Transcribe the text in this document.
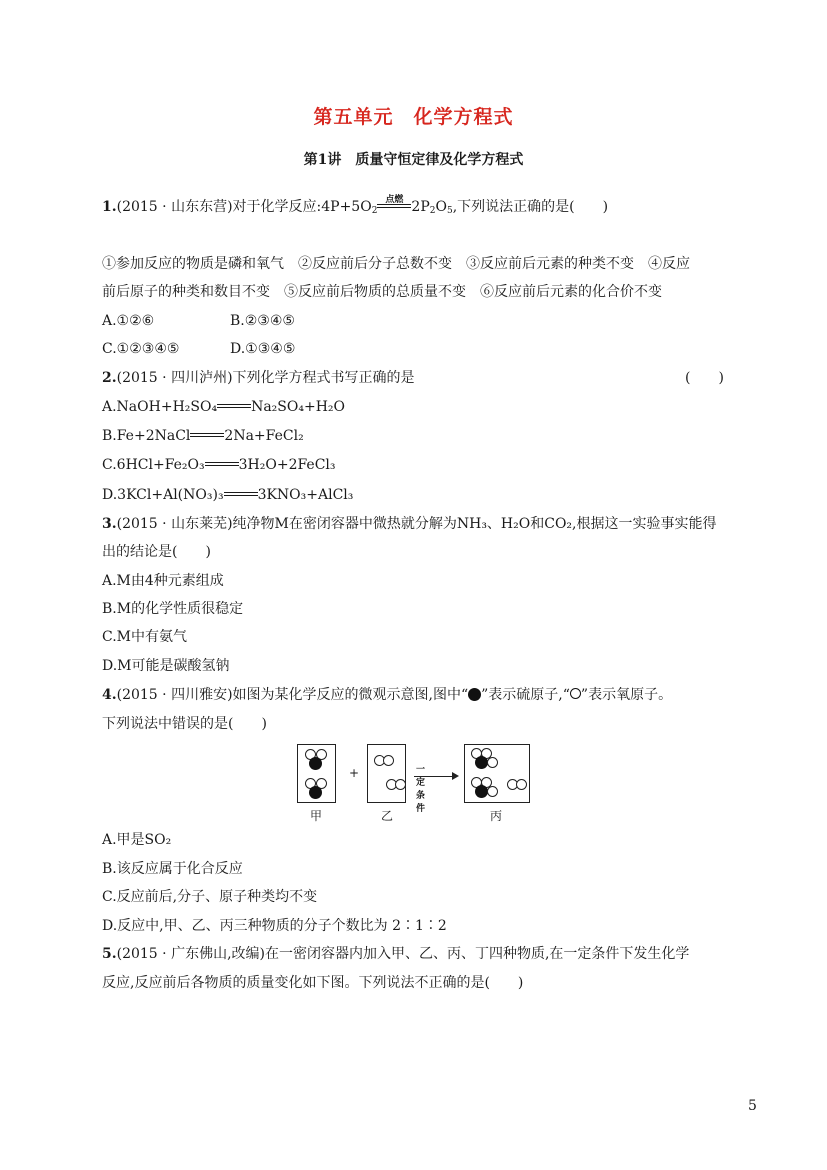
第五单元　化学方程式
第1讲　质量守恒定律及化学方程式
1.(2015 · 山东东营)对于化学反应$:4P+5O_2$
点燃 $2P_2O_5$,下列说法正确的是(　　)
①参加反应的物质是磷和氧气　②反应前后分子总数不变　③反应前后元素的种类不变　④反应
前后原子的种类和数目不变　⑤反应前后物质的总质量不变　⑥反应前后元素的化合价不变
A.①②⑥	B.②③④⑤
C.①②③④⑤	D.①③④⑤
2.(2015 · 四川泸州)下列化学方程式书写正确的是	(　　)
A.NaOH+H₂SO₄ Na₂SO₄+H₂O
B.Fe+2NaCl 2Na+FeCl₂
C.6HCl+Fe₂O₃ 3H₂O+2FeCl₃
D.3KCl+Al(NO₃)₃ 3KNO₃+AlCl₃
3.(2015 · 山东莱芜)纯净物M在密闭容器中微热就分解为NH₃、H₂O和CO₂,根据这一实验事实能得
出的结论是(　　)
A.M由4种元素组成
B.M的化学性质很稳定
C.M中有氨气
D.M可能是碳酸氢钠
4.(2015 · 四川雅安)如图为某化学反应的微观示意图,图中“ ”表示硫原子,“ ”表示氧原子。
下列说法中错误的是(　　)
+	一定条件
甲	乙	丙
A.甲是SO₂
B.该反应属于化合反应
C.反应前后,分子、原子种类均不变
D.反应中,甲、乙、丙三种物质的分子个数比为 2∶1∶2
5.(2015 · 广东佛山,改编)在一密闭容器内加入甲、乙、丙、丁四种物质,在一定条件下发生化学
反应,反应前后各物质的质量变化如下图。下列说法不正确的是(　　)
5
